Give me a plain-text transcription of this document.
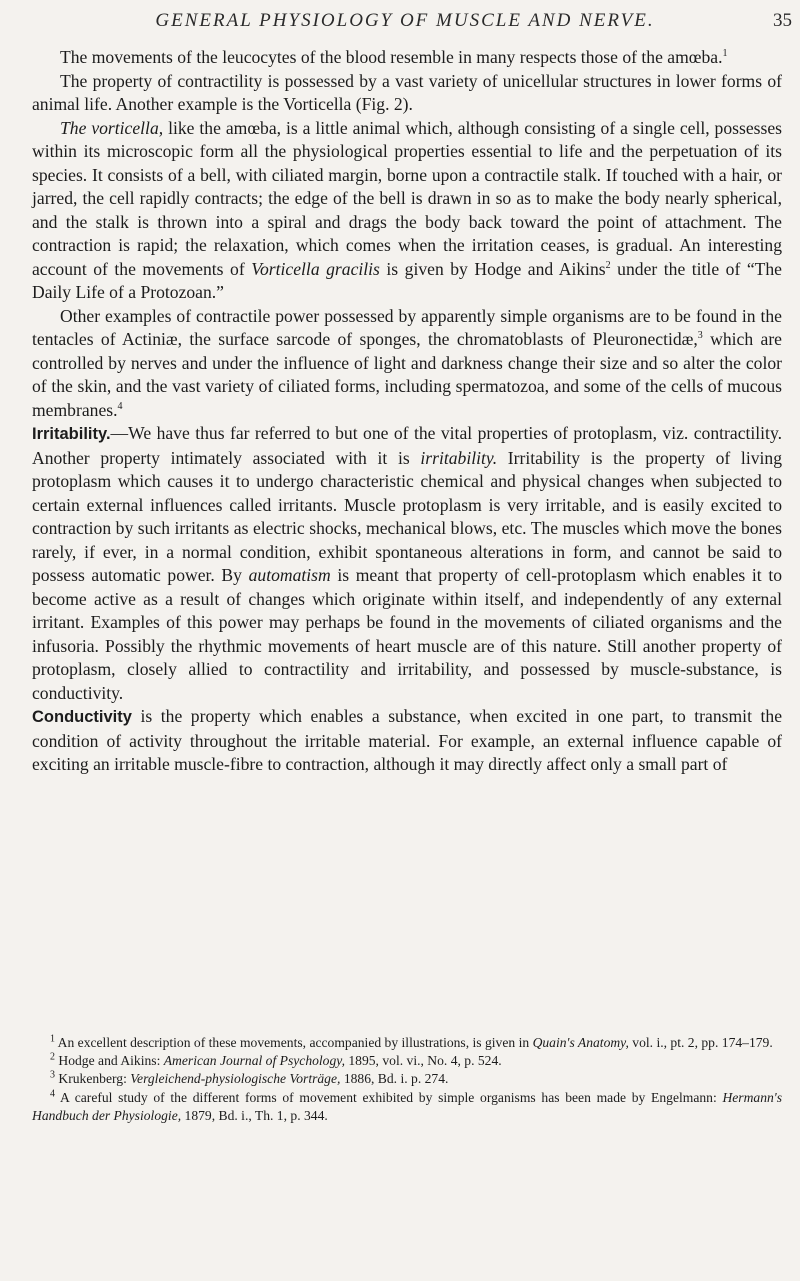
GENERAL PHYSIOLOGY OF MUSCLE AND NERVE.	35

The movements of the leucocytes of the blood resemble in many respects those of the amœba.$^1$

The property of contractility is possessed by a vast variety of unicellular structures in lower forms of animal life. Another example is the Vorticella (Fig. 2).

The vorticella, like the amœba, is a little animal which, although consisting of a single cell, possesses within its microscopic form all the physiological properties essential to life and the perpetuation of its species. It consists of a bell, with ciliated margin, borne upon a contractile stalk. If touched with a hair, or jarred, the cell rapidly contracts; the edge of the bell is drawn in so as to make the body nearly spherical, and the stalk is thrown into a spiral and drags the body back toward the point of attachment. The contraction is rapid; the relaxation, which comes when the irritation ceases, is gradual. An interesting account of the movements of Vorticella gracilis is given by Hodge and Aikins$^2$ under the title of “The Daily Life of a Protozoan.”

Other examples of contractile power possessed by apparently simple organisms are to be found in the tentacles of Actiniæ, the surface sarcode of sponges, the chromatoblasts of Pleuronectidæ,$^3$ which are controlled by nerves and under the influence of light and darkness change their size and so alter the color of the skin, and the vast variety of ciliated forms, including spermatozoa, and some of the cells of mucous membranes.$^4$

Irritability.—We have thus far referred to but one of the vital properties of protoplasm, viz. contractility. Another property intimately associated with it is irritability. Irritability is the property of living protoplasm which causes it to undergo characteristic chemical and physical changes when subjected to certain external influences called irritants. Muscle protoplasm is very irritable, and is easily excited to contraction by such irritants as electric shocks, mechanical blows, etc. The muscles which move the bones rarely, if ever, in a normal condition, exhibit spontaneous alterations in form, and cannot be said to possess automatic power. By automatism is meant that property of cell-protoplasm which enables it to become active as a result of changes which originate within itself, and independently of any external irritant. Examples of this power may perhaps be found in the movements of ciliated organisms and the infusoria. Possibly the rhythmic movements of heart muscle are of this nature. Still another property of protoplasm, closely allied to contractility and irritability, and possessed by muscle-substance, is conductivity.

Conductivity is the property which enables a substance, when excited in one part, to transmit the condition of activity throughout the irritable material. For example, an external influence capable of exciting an irritable muscle-fibre to contraction, although it may directly affect only a small part of

$^1$ An excellent description of these movements, accompanied by illustrations, is given in Quain's Anatomy, vol. i., pt. 2, pp. 174–179.

$^2$ Hodge and Aikins: American Journal of Psychology, 1895, vol. vi., No. 4, p. 524.

$^3$ Krukenberg: Vergleichend-physiologische Vorträge, 1886, Bd. i. p. 274.

$^4$ A careful study of the different forms of movement exhibited by simple organisms has been made by Engelmann: Hermann's Handbuch der Physiologie, 1879, Bd. i., Th. 1, p. 344.
